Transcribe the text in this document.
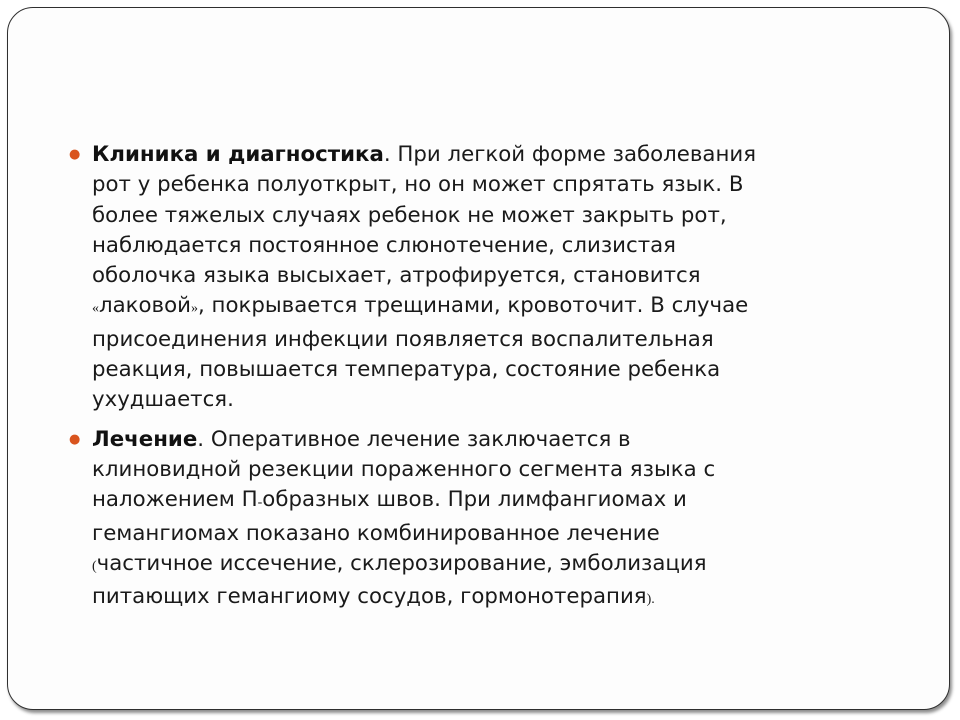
● Клиника и диагностика. При легкой форме заболевания
рот у ребенка полуоткрыт, но он может спрятать язык. В
более тяжелых случаях ребенок не может закрыть рот,
наблюдается постоянное слюнотечение, слизистая
оболочка языка высыхает, атрофируется, становится
«лаковой», покрывается трещинами, кровоточит. В случае
присоединения инфекции появляется воспалительная
реакция, повышается температура, состояние ребенка
ухудшается.
● Лечение. Оперативное лечение заключается в
клиновидной резекции пораженного сегмента языка с
наложением П-образных швов. При лимфангиомах и
гемангиомах показано комбинированное лечение
(частичное иссечение, склерозирование, эмболизация
питающих гемангиому сосудов, гормонотерапия).
